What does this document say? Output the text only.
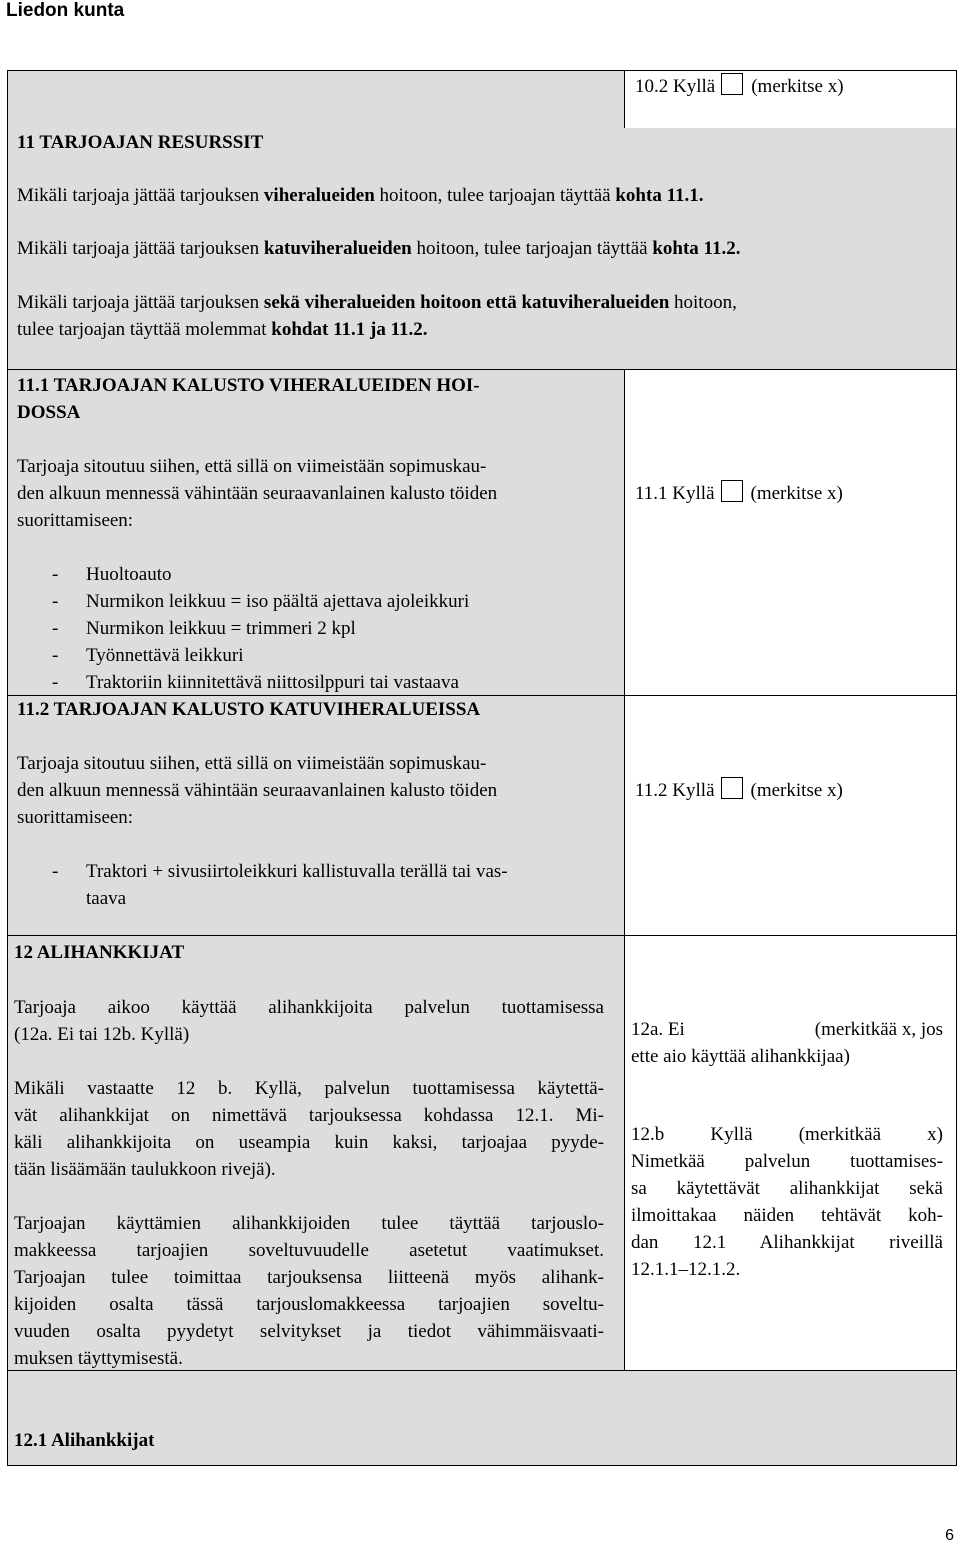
Liedon kunta
10.2 Kyllä (merkitse x)
11 TARJOAJAN RESURSSIT
Mikäli tarjoaja jättää tarjouksen viheralueiden hoitoon, tulee tarjoajan täyttää kohta 11.1.
Mikäli tarjoaja jättää tarjouksen katuviheralueiden hoitoon, tulee tarjoajan täyttää kohta 11.2.
Mikäli tarjoaja jättää tarjouksen sekä viheralueiden hoitoon että katuviheralueiden hoitoon,
tulee tarjoajan täyttää molemmat kohdat 11.1 ja 11.2.
11.1 TARJOAJAN KALUSTO VIHERALUEIDEN HOI-
DOSSA
Tarjoaja sitoutuu siihen, että sillä on viimeistään sopimuskau-
den alkuun mennessä vähintään seuraavanlainen kalusto töiden
suorittamiseen:
- Huoltoauto
- Nurmikon leikkuu = iso päältä ajettava ajoleikkuri
- Nurmikon leikkuu = trimmeri 2 kpl
- Työnnettävä leikkuri
- Traktoriin kiinnitettävä niittosilppuri tai vastaava
11.2 TARJOAJAN KALUSTO KATUVIHERALUEISSA
Tarjoaja sitoutuu siihen, että sillä on viimeistään sopimuskau-
den alkuun mennessä vähintään seuraavanlainen kalusto töiden
suorittamiseen:
- Traktori + sivusiirtoleikkuri kallistuvalla terällä tai vas-
taava
11.1 Kyllä (merkitse x)
11.2 Kyllä (merkitse x)
12 ALIHANKKIJAT
Tarjoaja aikoo käyttää alihankkijoita palvelun tuottamisessa
(12a. Ei tai 12b. Kyllä)
Mikäli vastaatte 12 b. Kyllä, palvelun tuottamisessa käytettä-
vät alihankkijat on nimettävä tarjouksessa kohdassa 12.1. Mi-
käli alihankkijoita on useampia kuin kaksi, tarjoajaa pyyde-
tään lisäämään taulukkoon rivejä).
Tarjoajan käyttämien alihankkijoiden tulee täyttää tarjouslo-
makkeessa tarjoajien soveltuvuudelle asetetut vaatimukset.
Tarjoajan tulee toimittaa tarjouksensa liitteenä myös alihank-
kijoiden osalta tässä tarjouslomakkeessa tarjoajien soveltu-
vuuden osalta pyydetyt selvitykset ja tiedot vähimmäisvaati-
muksen täyttymisestä.
12a. Ei	(merkitkää x, jos
ette aio käyttää alihankkijaa)
12.b Kyllä (merkitkää x)
Nimetkää palvelun tuottamises-
sa käytettävät alihankkijat sekä
ilmoittakaa näiden tehtävät koh-
dan 12.1 Alihankkijat riveillä
12.1.1–12.1.2.
12.1 Alihankkijat
6
